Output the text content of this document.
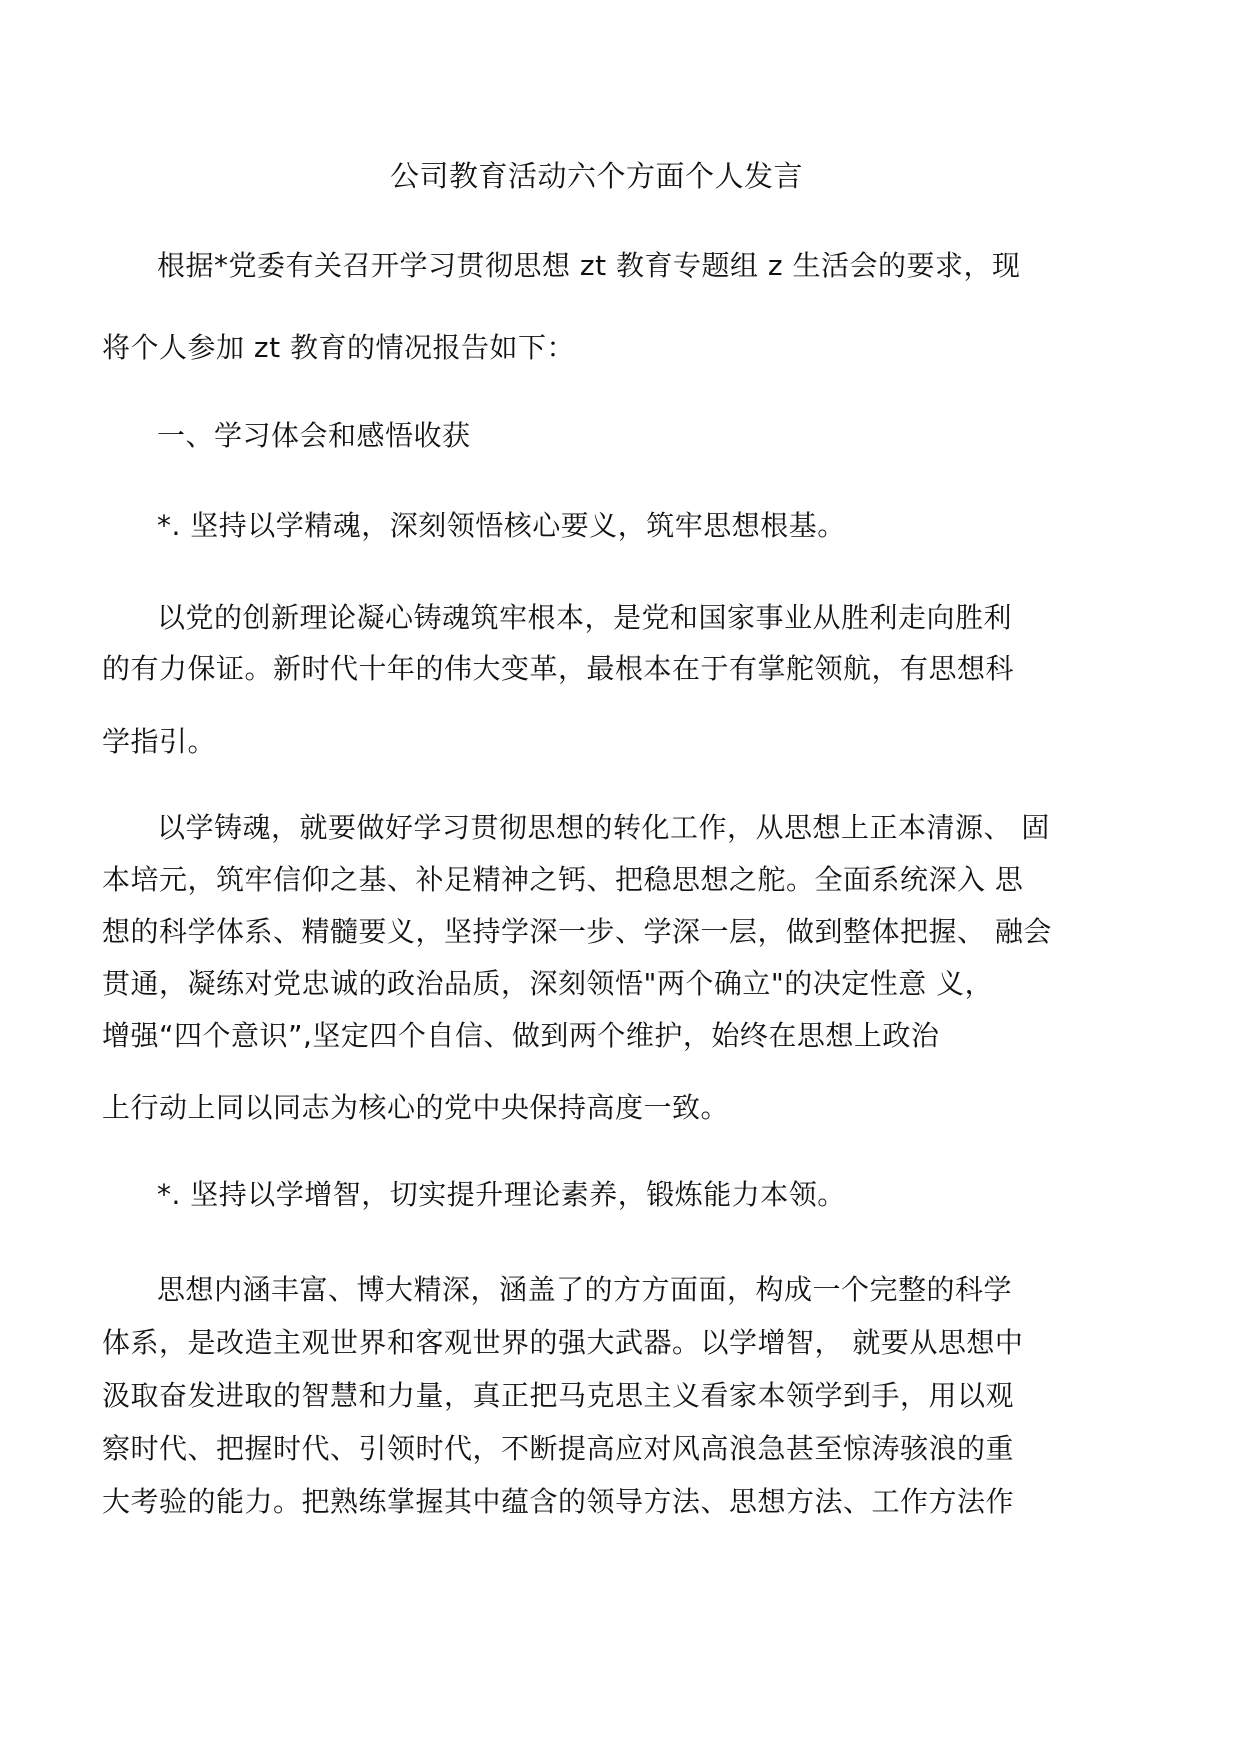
公司教育活动六个方面个人发言
根据*党委有关召开学习贯彻思想 zt 教育专题组 z 生活会的要求，现
将个人参加 zt 教育的情况报告如下：
一、学习体会和感悟收获
*. 坚持以学精魂，深刻领悟核心要义，筑牢思想根基。
以党的创新理论凝心铸魂筑牢根本，是党和国家事业从胜利走向胜利
的有力保证。新时代十年的伟大变革，最根本在于有掌舵领航，有思想科
学指引。
以学铸魂，就要做好学习贯彻思想的转化工作，从思想上正本清源、 固
本培元，筑牢信仰之基、补足精神之钙、把稳思想之舵。全面系统深入 思
想的科学体系、精髓要义，坚持学深一步、学深一层，做到整体把握、 融会
贯通，凝练对党忠诚的政治品质，深刻领悟"两个确立"的决定性意 义，
增强“四个意识”,坚定四个自信、做到两个维护，始终在思想上政治
上行动上同以同志为核心的党中央保持高度一致。
*. 坚持以学增智，切实提升理论素养，锻炼能力本领。
思想内涵丰富、博大精深，涵盖了的方方面面，构成一个完整的科学
体系，是改造主观世界和客观世界的强大武器。以学增智， 就要从思想中
汲取奋发进取的智慧和力量，真正把马克思主义看家本领学到手，用以观
察时代、把握时代、引领时代，不断提高应对风高浪急甚至惊涛骇浪的重
大考验的能力。把熟练掌握其中蕴含的领导方法、思想方法、工作方法作
